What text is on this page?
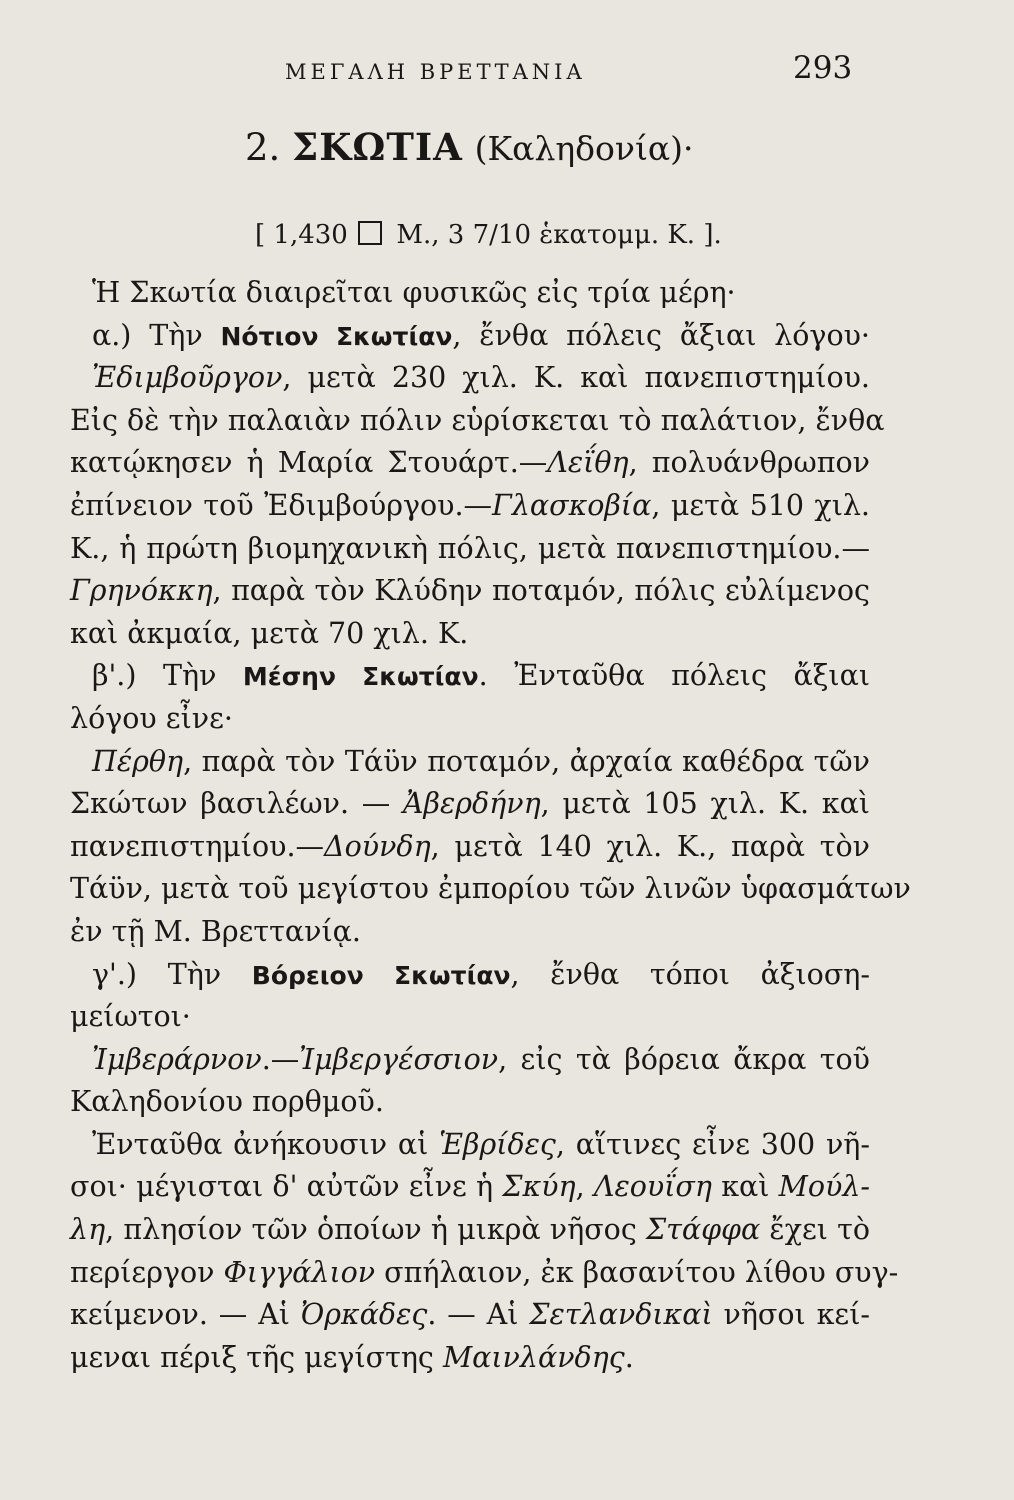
ΜΕΓΑΛΗ ΒΡΕΤΤΑΝΙΑ	293
2. ΣΚΩΤΙΑ (Καληδονία)·
[ 1,430 Μ., 3 7/10 ἑκατομμ. Κ. ].
Ἡ Σκωτία διαιρεῖται φυσικῶς εἰς τρία μέρη·
α.) Τὴν Νότιον Σκωτίαν, ἔνθα πόλεις ἄξιαι λόγου·
Ἐδιμβοῦργον, μετὰ 230 χιλ. Κ. καὶ πανεπιστημίου.
Εἰς δὲ τὴν παλαιὰν πόλιν εὑρίσκεται τὸ παλάτιον, ἔνθα
κατῴκησεν ἡ Μαρία Στουάρτ.—Λεΐθη, πολυάνθρωπον
ἐπίνειον τοῦ Ἐδιμβούργου.—Γλασκοβία, μετὰ 510 χιλ.
Κ., ἡ πρώτη βιομηχανικὴ πόλις, μετὰ πανεπιστημίου.—
Γρηνόκκη, παρὰ τὸν Κλύδην ποταμόν, πόλις εὐλίμενος
καὶ ἀκμαία, μετὰ 70 χιλ. Κ.
β'.) Τὴν Μέσην Σκωτίαν. Ἐνταῦθα πόλεις ἄξιαι
λόγου εἶνε·
Πέρθη, παρὰ τὸν Τάϋν ποταμόν, ἀρχαία καθέδρα τῶν
Σκώτων βασιλέων. — Ἀβερδήνη, μετὰ 105 χιλ. Κ. καὶ
πανεπιστημίου.—Δούνδη, μετὰ 140 χιλ. Κ., παρὰ τὸν
Τάϋν, μετὰ τοῦ μεγίστου ἐμπορίου τῶν λινῶν ὑφασμάτων
ἐν τῇ Μ. Βρεττανίᾳ.
γ'.) Τὴν Βόρειον Σκωτίαν, ἔνθα τόποι ἀξιοση-
μείωτοι·
Ἰμβεράρνον.—Ἰμβεργέσσιον, εἰς τὰ βόρεια ἄκρα τοῦ
Καληδονίου πορθμοῦ.
Ἐνταῦθα ἀνήκουσιν αἱ Ἑβρίδες, αἵτινες εἶνε 300 νῆ-
σοι· μέγισται δ' αὐτῶν εἶνε ἡ Σκύη, Λεουΐση καὶ Μούλ-
λη, πλησίον τῶν ὁποίων ἡ μικρὰ νῆσος Στάφφα ἔχει τὸ
περίεργον Φιγγάλιον σπήλαιον, ἐκ βασανίτου λίθου συγ-
κείμενον. — Αἱ Ὀρκάδες. — Αἱ Σετλανδικαὶ νῆσοι κεί-
μεναι πέριξ τῆς μεγίστης Μαινλάνδης.
